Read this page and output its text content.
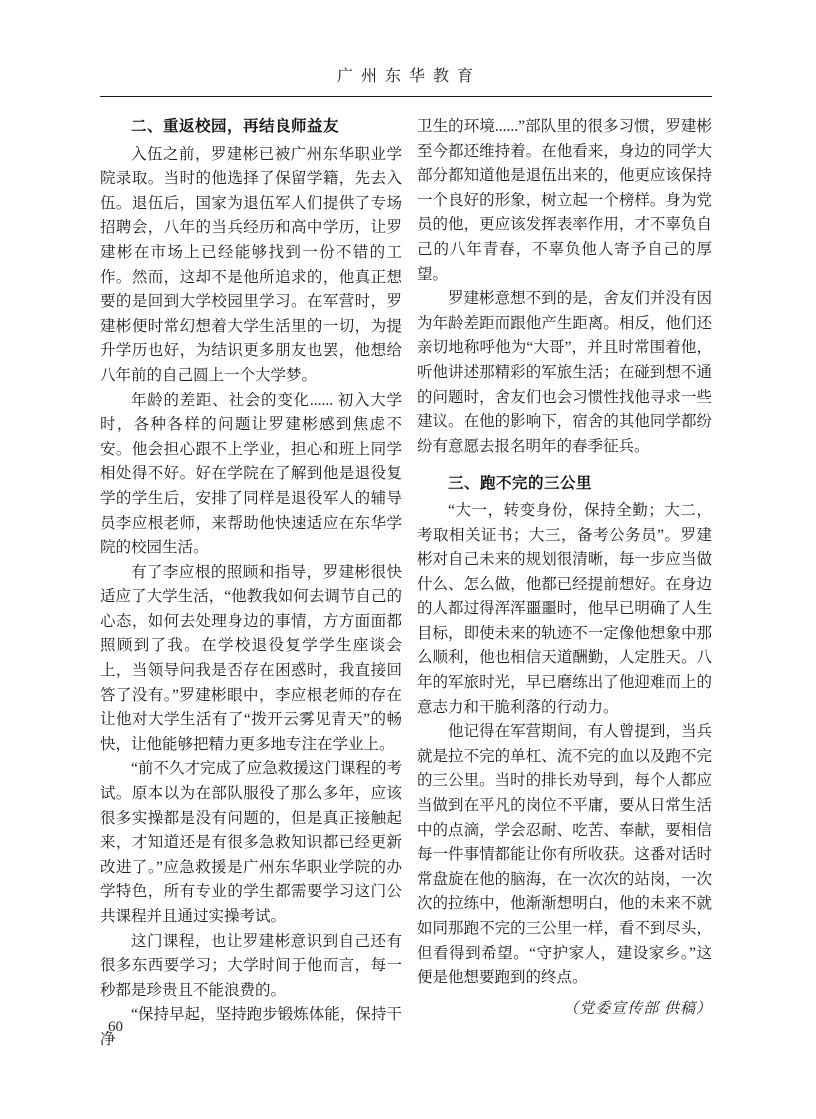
广 州 东 华 教 育
二、重返校园，再结良师益友

入伍之前，罗建彬已被广州东华职业学院录取。当时的他选择了保留学籍，先去入伍。退伍后，国家为退伍军人们提供了专场招聘会，八年的当兵经历和高中学历，让罗建彬在市场上已经能够找到一份不错的工作。然而，这却不是他所追求的，他真正想要的是回到大学校园里学习。在军营时，罗建彬便时常幻想着大学生活里的一切，为提升学历也好，为结识更多朋友也罢，他想给八年前的自己圆上一个大学梦。

年龄的差距、社会的变化...... 初入大学时，各种各样的问题让罗建彬感到焦虑不安。他会担心跟不上学业，担心和班上同学相处得不好。好在学院在了解到他是退役复学的学生后，安排了同样是退役军人的辅导员李应根老师，来帮助他快速适应在东华学院的校园生活。

有了李应根的照顾和指导，罗建彬很快适应了大学生活，“他教我如何去调节自己的心态，如何去处理身边的事情，方方面面都照顾到了我。在学校退役复学学生座谈会上，当领导问我是否存在困惑时，我直接回答了没有。”罗建彬眼中，李应根老师的存在让他对大学生活有了“拨开云雾见青天”的畅快，让他能够把精力更多地专注在学业上。

“前不久才完成了应急救援这门课程的考试。原本以为在部队服役了那么多年，应该很多实操都是没有问题的，但是真正接触起来，才知道还是有很多急救知识都已经更新改进了。”应急救援是广州东华职业学院的办学特色，所有专业的学生都需要学习这门公共课程并且通过实操考试。

这门课程，也让罗建彬意识到自己还有很多东西要学习；大学时间于他而言，每一秒都是珍贵且不能浪费的。

“保持早起，坚持跑步锻炼体能，保持干净

卫生的环境......”部队里的很多习惯，罗建彬至今都还维持着。在他看来，身边的同学大部分都知道他是退伍出来的，他更应该保持一个良好的形象，树立起一个榜样。身为党员的他，更应该发挥表率作用，才不辜负自己的八年青春，不辜负他人寄予自己的厚望。

罗建彬意想不到的是，舍友们并没有因为年龄差距而跟他产生距离。相反，他们还亲切地称呼他为“大哥”，并且时常围着他，听他讲述那精彩的军旅生活；在碰到想不通的问题时，舍友们也会习惯性找他寻求一些建议。在他的影响下，宿舍的其他同学都纷纷有意愿去报名明年的春季征兵。

三、跑不完的三公里

“大一，转变身份，保持全勤；大二，考取相关证书；大三，备考公务员”。罗建彬对自己未来的规划很清晰，每一步应当做什么、怎么做，他都已经提前想好。在身边的人都过得浑浑噩噩时，他早已明确了人生目标，即使未来的轨迹不一定像他想象中那么顺利，他也相信天道酬勤，人定胜天。八年的军旅时光，早已磨练出了他迎难而上的意志力和干脆利落的行动力。

他记得在军营期间，有人曾提到，当兵就是拉不完的单杠、流不完的血以及跑不完的三公里。当时的排长劝导到，每个人都应当做到在平凡的岗位不平庸，要从日常生活中的点滴，学会忍耐、吃苦、奉献，要相信每一件事情都能让你有所收获。这番对话时常盘旋在他的脑海，在一次次的站岗，一次次的拉练中，他渐渐想明白，他的未来不就如同那跑不完的三公里一样，看不到尽头，但看得到希望。“守护家人，建设家乡。”这便是他想要跑到的终点。

（党委宣传部 供稿）

60
